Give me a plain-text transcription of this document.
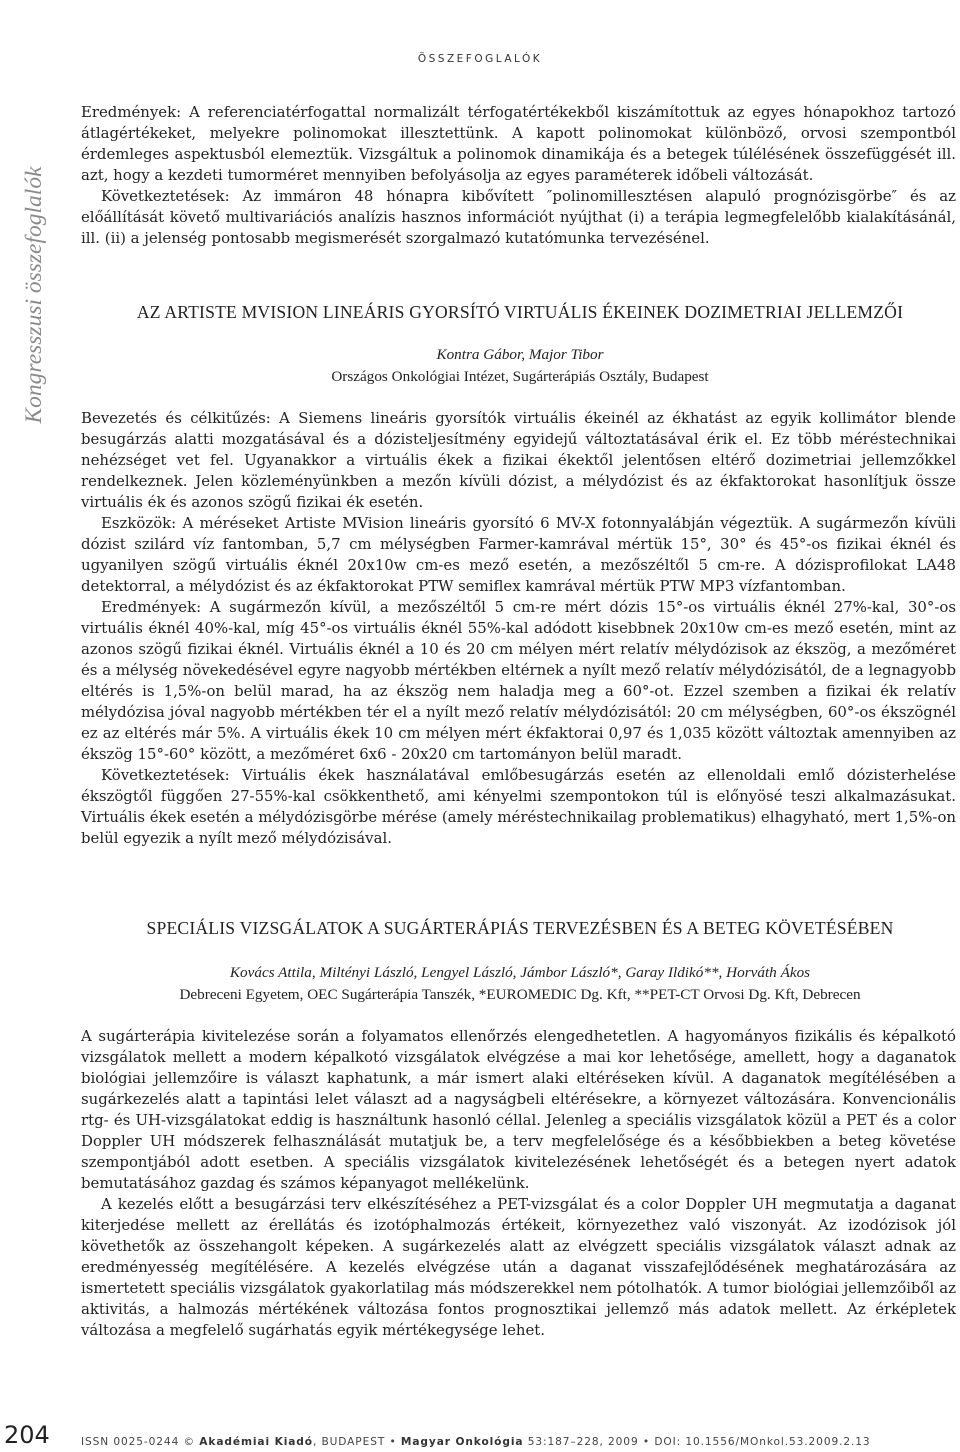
ÖSSZEFOGLALÓK
Kongresszusi összefoglalók

Eredmények: A referenciatérfogattal normalizált térfogatértékekből kiszámítottuk az egyes hónapokhoz tartozó átlagértékeket, melyekre polinomokat illesztettünk. A kapott polinomokat különböző, orvosi szempontból érdemleges aspektusból elemeztük. Vizsgáltuk a polinomok dinamikája és a betegek túlélésének összefüggését ill. azt, hogy a kezdeti tumorméret mennyiben befolyásolja az egyes paraméterek időbeli változását.

Következtetések: Az immáron 48 hónapra kibővített ″polinomillesztésen alapuló prognózisgörbe″ és az előállítását követő multivariációs analízis hasznos információt nyújthat (i) a terápia legmegfelelőbb kialakításánál, ill. (ii) a jelenség pontosabb megismerését szorgalmazó kutatómunka tervezésénel.

AZ ARTISTE MVISION LINEÁRIS GYORSÍTÓ VIRTUÁLIS ÉKEINEK DOZIMETRIAI JELLEMZŐI
Kontra Gábor, Major Tibor
Országos Onkológiai Intézet, Sugárterápiás Osztály, Budapest

Bevezetés és célkitűzés: A Siemens lineáris gyorsítók virtuális ékeinél az ékhatást az egyik kollimátor blende besugárzás alatti mozgatásával és a dózisteljesítmény egyidejű változtatásával érik el. Ez több méréstechnikai nehézséget vet fel. Ugyanakkor a virtuális ékek a fizikai ékektől jelentősen eltérő dozimetriai jellemzőkkel rendelkeznek. Jelen közleményünkben a mezőn kívüli dózist, a mélydózist és az ékfaktorokat hasonlítjuk össze virtuális ék és azonos szögű fizikai ék esetén.

Eszközök: A méréseket Artiste MVision lineáris gyorsító 6 MV-X fotonnyalábján végeztük. A sugármezőn kívüli dózist szilárd víz fantomban, 5,7 cm mélységben Farmer-kamrával mértük 15°, 30° és 45°-os fizikai éknél és ugyanilyen szögű virtuális éknél 20x10w cm-es mező esetén, a mezőszéltől 5 cm-re. A dózisprofilokat LA48 detektorral, a mélydózist és az ékfaktorokat PTW semiflex kamrával mértük PTW MP3 vízfantomban.

Eredmények: A sugármezőn kívül, a mezőszéltől 5 cm-re mért dózis 15°-os virtuális éknél 27%-kal, 30°-os virtuális éknél 40%-kal, míg 45°-os virtuális éknél 55%-kal adódott kisebbnek 20x10w cm-es mező esetén, mint az azonos szögű fizikai éknél. Virtuális éknél a 10 és 20 cm mélyen mért relatív mélydózisok az ékszög, a mezőméret és a mélység növekedésével egyre nagyobb mértékben eltérnek a nyílt mező relatív mélydózisától, de a legnagyobb eltérés is 1,5%-on belül marad, ha az ékszög nem haladja meg a 60°-ot. Ezzel szemben a fizikai ék relatív mélydózisa jóval nagyobb mértékben tér el a nyílt mező relatív mélydózisától: 20 cm mélységben, 60°-os ékszögnél ez az eltérés már 5%. A virtuális ékek 10 cm mélyen mért ékfaktorai 0,97 és 1,035 között változtak amennyiben az ékszög 15°-60° között, a mezőméret 6x6 - 20x20 cm tartományon belül maradt.

Következtetések: Virtuális ékek használatával emlőbesugárzás esetén az ellenoldali emlő dózisterhelése ékszögtől függően 27-55%-kal csökkenthető, ami kényelmi szempontokon túl is előnyösé teszi alkalmazásukat. Virtuális ékek esetén a mélydózisgörbe mérése (amely méréstechnikailag problematikus) elhagyható, mert 1,5%-on belül egyezik a nyílt mező mélydózisával.

SPECIÁLIS VIZSGÁLATOK A SUGÁRTERÁPIÁS TERVEZÉSBEN ÉS A BETEG KÖVETÉSÉBEN
Kovács Attila, Miltényi László, Lengyel László, Jámbor László*, Garay Ildikó**, Horváth Ákos
Debreceni Egyetem, OEC Sugárterápia Tanszék, *EUROMEDIC Dg. Kft, **PET-CT Orvosi Dg. Kft, Debrecen

A sugárterápia kivitelezése során a folyamatos ellenőrzés elengedhetetlen. A hagyományos fizikális és képalkotó vizsgálatok mellett a modern képalkotó vizsgálatok elvégzése a mai kor lehetősége, amellett, hogy a daganatok biológiai jellemzőire is választ kaphatunk, a már ismert alaki eltéréseken kívül. A daganatok megítélésében a sugárkezelés alatt a tapintási lelet választ ad a nagyságbeli eltérésekre, a környezet változására. Konvencionális rtg- és UH-vizsgálatokat eddig is használtunk hasonló céllal. Jelenleg a speciális vizsgálatok közül a PET és a color Doppler UH módszerek felhasználását mutatjuk be, a terv megfelelősége és a későbbiekben a beteg követése szempontjából adott esetben. A speciális vizsgálatok kivitelezésének lehetőségét és a betegen nyert adatok bemutatásához gazdag és számos képanyagot mellékelünk.

A kezelés előtt a besugárzási terv elkészítéséhez a PET-vizsgálat és a color Doppler UH megmutatja a daganat kiterjedése mellett az érellátás és izotóphalmozás értékeit, környezethez való viszonyát. Az izodózisok jól követhetők az összehangolt képeken. A sugárkezelés alatt az elvégzett speciális vizsgálatok választ adnak az eredményesség megítélésére. A kezelés elvégzése után a daganat visszafejlődésének meghatározására az ismertetett speciális vizsgálatok gyakorlatilag más módszerekkel nem pótolhatók. A tumor biológiai jellemzőiből az aktivitás, a halmozás mértékének változása fontos prognosztikai jellemző más adatok mellett. Az érképletek változása a megfelelő sugárhatás egyik mértékegysége lehet.

204	ISSN 0025-0244 © Akadémiai Kiadó, BUDAPEST • Magyar Onkológia 53:187–228, 2009 • DOI: 10.1556/MOnkol.53.2009.2.13
